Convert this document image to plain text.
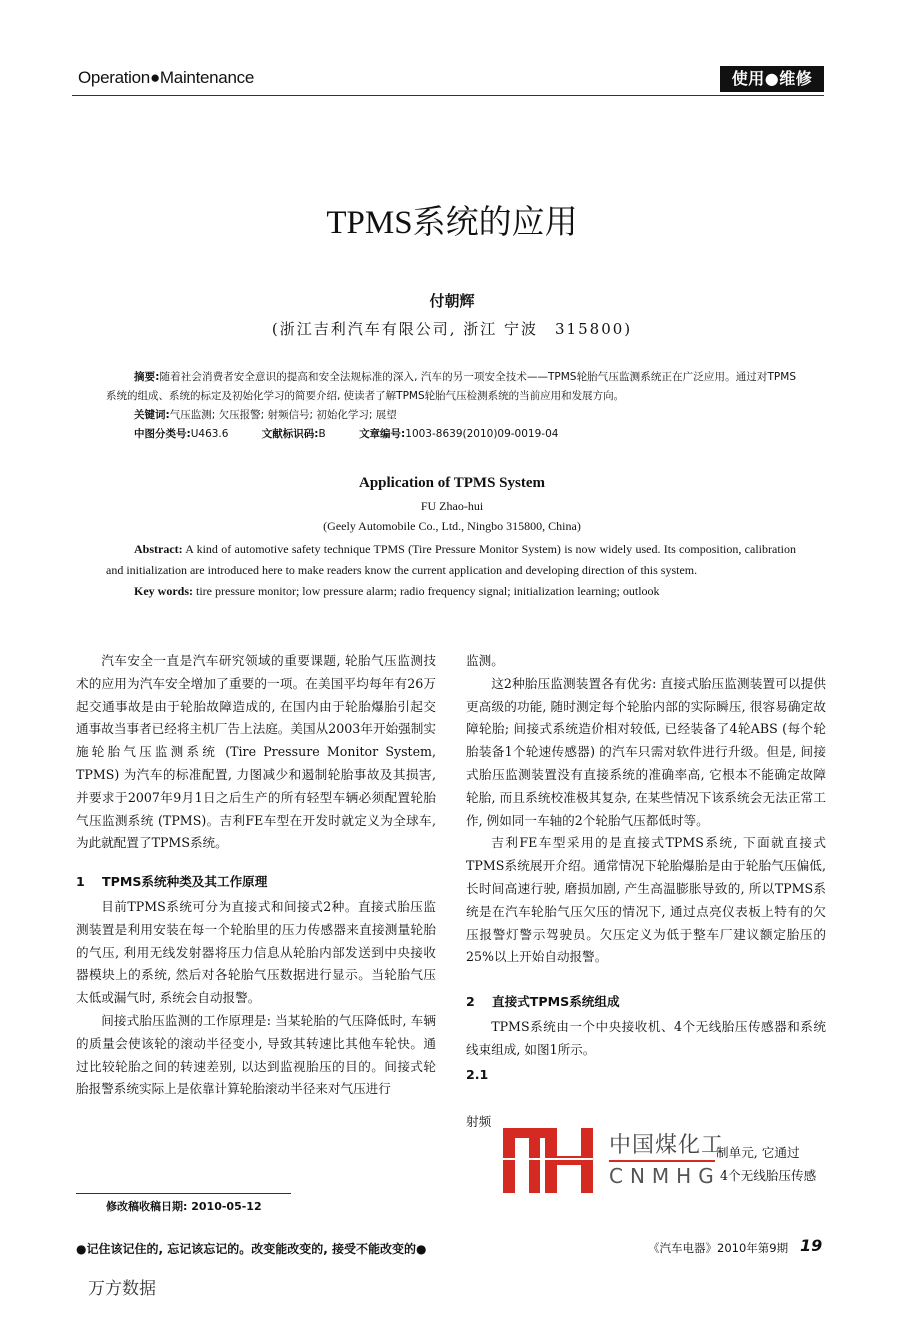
Operation●Maintenance	使用●维修
TPMS系统的应用
付朝辉
(浙江吉利汽车有限公司, 浙江 宁波　315800)

摘要:随着社会消费者安全意识的提高和安全法规标准的深入, 汽车的另一项安全技术——TPMS轮胎气压监测系统正在广泛应用。通过对TPMS系统的组成、系统的标定及初始化学习的简要介绍, 使读者了解TPMS轮胎气压检测系统的当前应用和发展方向。

关键词:气压监测; 欠压报警; 射频信号; 初始化学习; 展望

中图分类号:U463.6	文献标识码:B	文章编号:1003-8639(2010)09-0019-04

Application of TPMS System
FU Zhao-hui
(Geely Automobile Co., Ltd., Ningbo 315800, China)

Abstract: A kind of automotive safety technique TPMS (Tire Pressure Monitor System) is now widely used. Its composition, calibration and initialization are introduced here to make readers know the current application and developing direction of this system.

Key words: tire pressure monitor; low pressure alarm; radio frequency signal; initialization learning; outlook

汽车安全一直是汽车研究领域的重要课题, 轮胎气压监测技术的应用为汽车安全增加了重要的一项。在美国平均每年有26万起交通事故是由于轮胎故障造成的, 在国内由于轮胎爆胎引起交通事故当事者已经将主机厂告上法庭。美国从2003年开始强制实施轮胎气压监测系统 (Tire Pressure Monitor System, TPMS) 为汽车的标准配置, 力图减少和遏制轮胎事故及其损害, 并要求于2007年9月1日之后生产的所有轻型车辆必须配置轮胎气压监测系统 (TPMS)。吉利FE车型在开发时就定义为全球车, 为此就配置了TPMS系统。

1 TPMS系统种类及其工作原理

目前TPMS系统可分为直接式和间接式2种。直接式胎压监测装置是利用安装在每一个轮胎里的压力传感器来直接测量轮胎的气压, 利用无线发射器将压力信息从轮胎内部发送到中央接收器模块上的系统, 然后对各轮胎气压数据进行显示。当轮胎气压太低或漏气时, 系统会自动报警。

间接式胎压监测的工作原理是: 当某轮胎的气压降低时, 车辆的质量会使该轮的滚动半径变小, 导致其转速比其他车轮快。通过比较轮胎之间的转速差别, 以达到监视胎压的目的。间接式轮胎报警系统实际上是依靠计算轮胎滚动半径来对气压进行

监测。

这2种胎压监测装置各有优劣: 直接式胎压监测装置可以提供更高级的功能, 随时测定每个轮胎内部的实际瞬压, 很容易确定故障轮胎; 间接式系统造价相对较低, 已经装备了4轮ABS (每个轮胎装备1个轮速传感器) 的汽车只需对软件进行升级。但是, 间接式胎压监测装置没有直接系统的准确率高, 它根本不能确定故障轮胎, 而且系统校准极其复杂, 在某些情况下该系统会无法正常工作, 例如同一车轴的2个轮胎气压都低时等。

吉利FE车型采用的是直接式TPMS系统, 下面就直接式TPMS系统展开介绍。通常情况下轮胎爆胎是由于轮胎气压偏低, 长时间高速行驶, 磨损加剧, 产生高温膨胀导致的, 所以TPMS系统是在汽车轮胎气压欠压的情况下, 通过点亮仪表板上特有的欠压报警灯警示驾驶员。欠压定义为低于整车厂建议额定胎压的25%以上开始自动报警。

2 直接式TPMS系统组成

TPMS系统由一个中央接收机、4个无线胎压传感器和系统线束组成, 如图1所示。

2.1

射频

中国煤化工
CNMHG
制单元, 它通过
4个无线胎压传感
修改稿收稿日期: 2010-05-12
●记住该记住的, 忘记该忘记的。改变能改变的, 接受不能改变的●	《汽车电器》2010年第9期 19
万方数据
